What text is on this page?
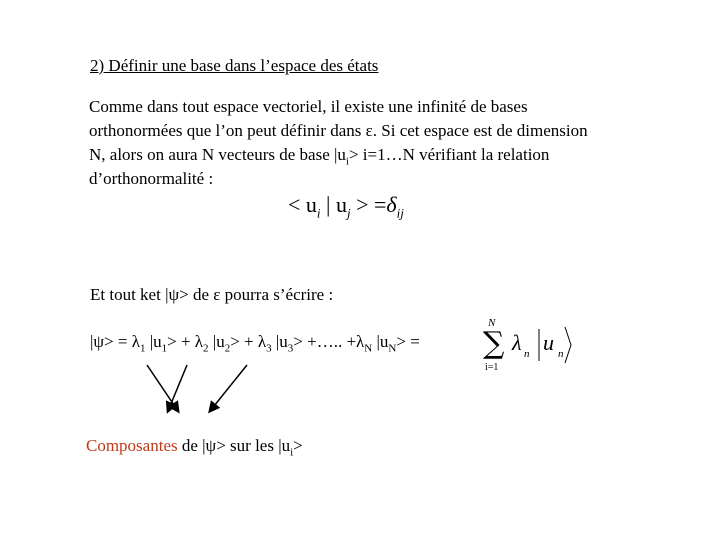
2) Définir une base dans l’espace des états
Comme dans tout espace vectoriel, il existe une infinité de bases
orthonormées que l’on peut définir dans ε. Si cet espace est de dimension
N, alors on aura N vecteurs de base $|u_i>$ i=1…N vérifiant la relation
d’orthonormalité :
< $u_i$ | $u_j > =\delta_{ij}$
Et tout ket |ψ> de ε pourra s’écrire :
$|\psi> = \lambda_1$ $|u_1> + \lambda_2$ $|u_2> + \lambda_3$ $|u_3>$ +….. $+\lambda_N$ $|u_N>$ =
N
∑
i=1
λ n u n
Composantes de |ψ> sur les $|u_i>$
